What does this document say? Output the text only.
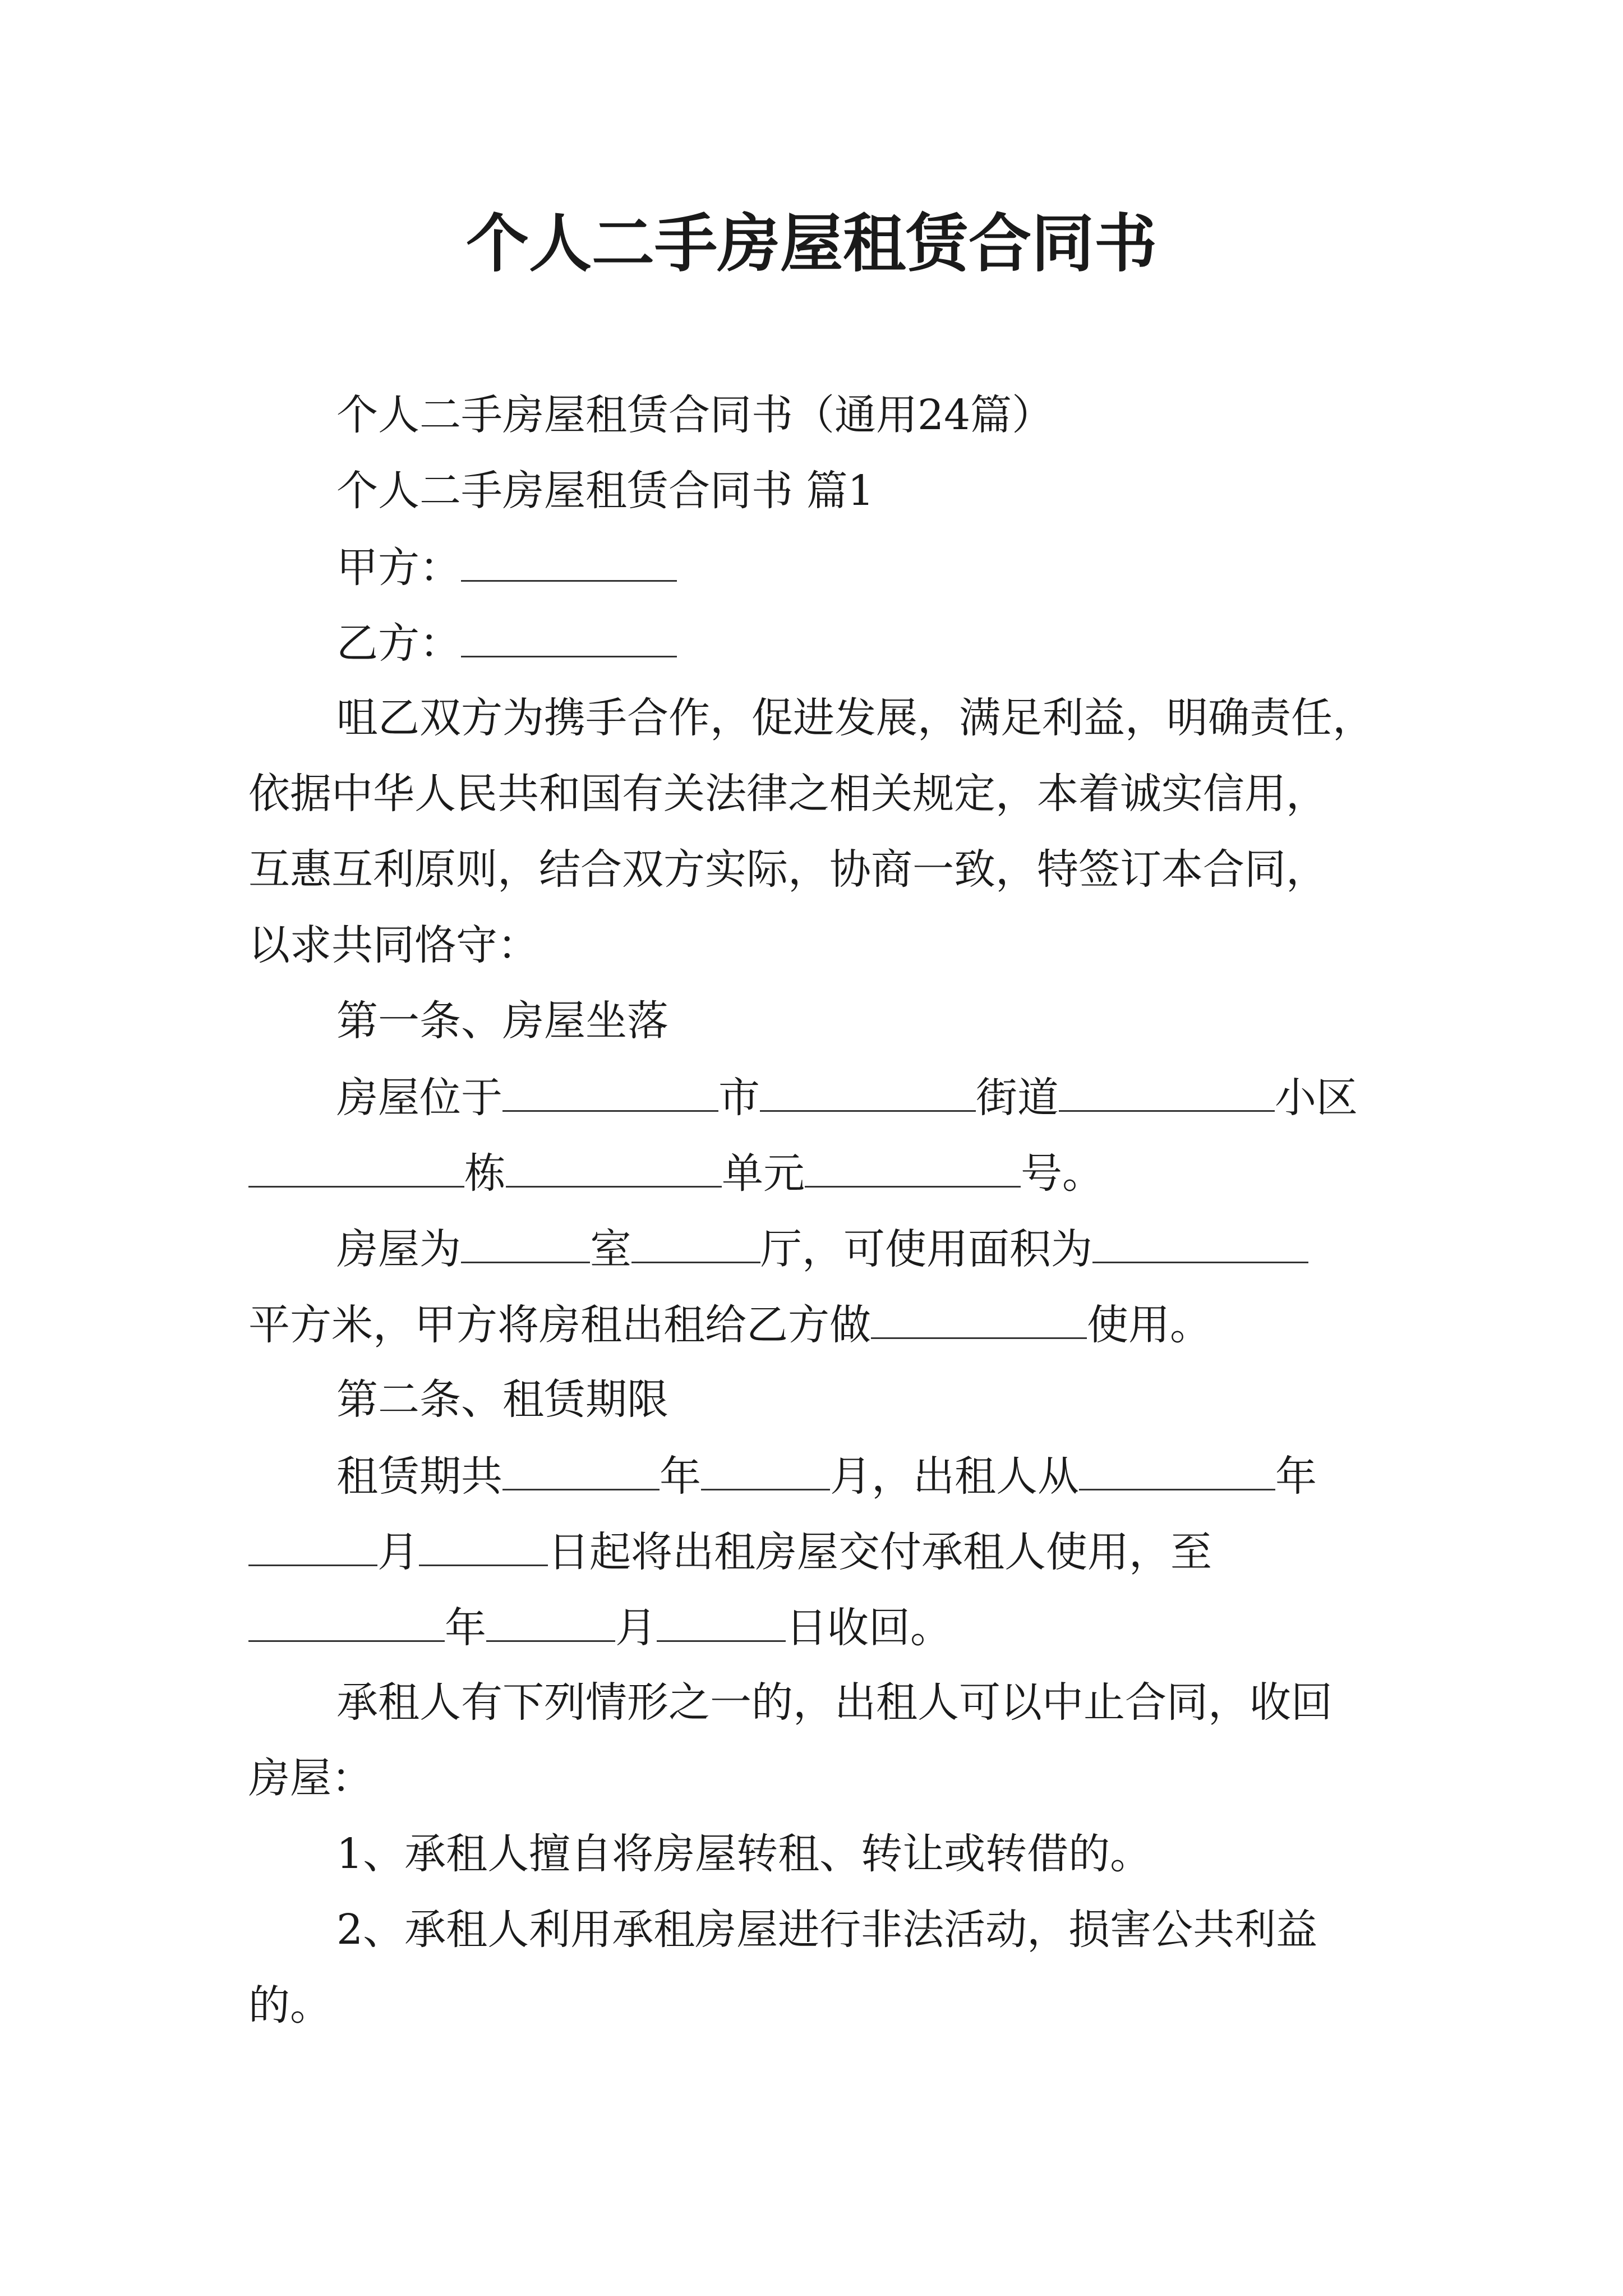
个人二手房屋租赁合同书
个人二手房屋租赁合同书（通用24篇）
个人二手房屋租赁合同书 篇1
甲方：
乙方：
咀乙双方为携手合作，促进发展，满足利益，明确责任，
依据中华人民共和国有关法律之相关规定，本着诚实信用，
互惠互利原则，结合双方实际，协商一致，特签订本合同，
以求共同恪守：
第一条、房屋坐落
房屋位于	市	街道	小区
栋	单元	号。
房屋为	室	厅，可使用面积为
平方米，甲方将房租出租给乙方做	使用。
第二条、租赁期限
租赁期共	年	月，出租人从	年
月	日起将出租房屋交付承租人使用，至
年	月	日收回。
承租人有下列情形之一的，出租人可以中止合同，收回
房屋：
1、承租人擅自将房屋转租、转让或转借的。
2、承租人利用承租房屋进行非法活动，损害公共利益
的。
